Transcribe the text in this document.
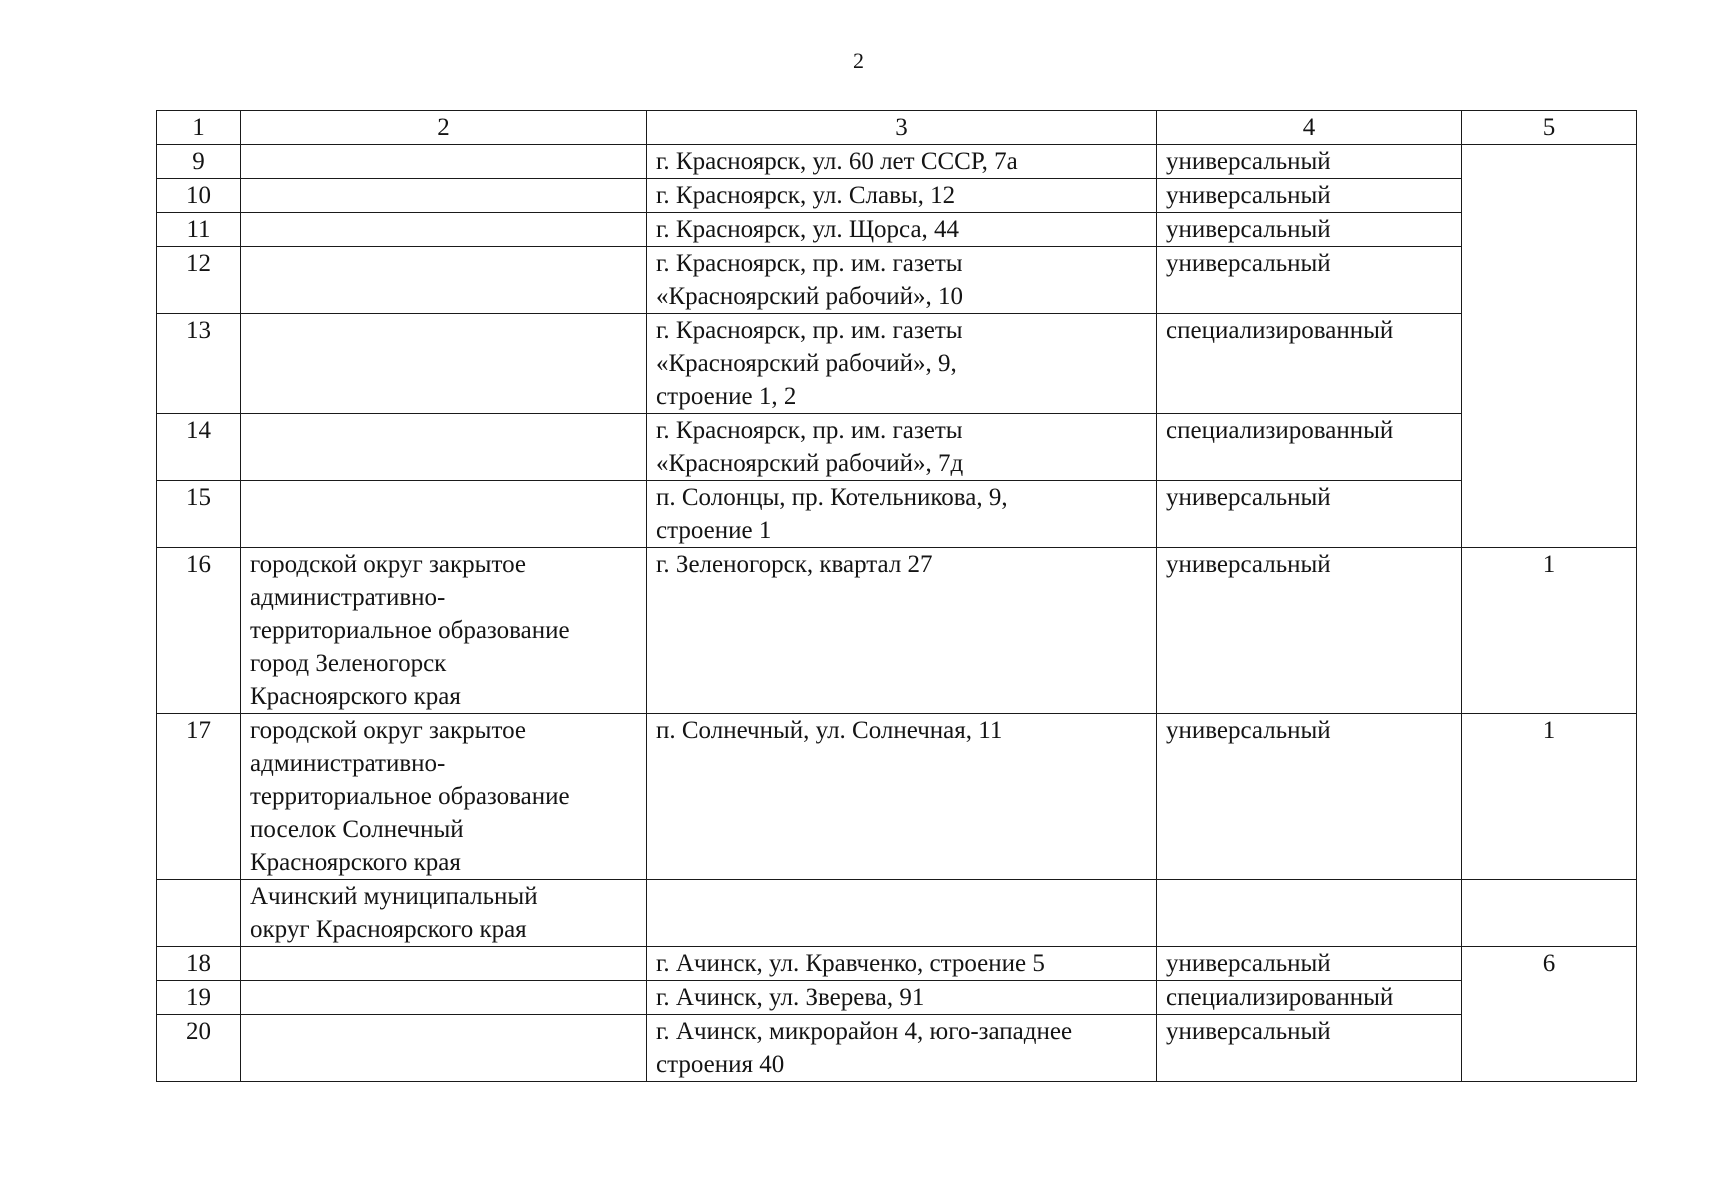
2
1	2	3	4	5
9		г. Красноярск, ул. 60 лет СССР, 7а	универсальный	
10		г. Красноярск, ул. Славы, 12	универсальный	
11		г. Красноярск, ул. Щорса, 44	универсальный	
12		г. Красноярск, пр. им. газеты
«Красноярский рабочий», 10	универсальный	
13		г. Красноярск, пр. им. газеты
«Красноярский рабочий», 9,
строение 1, 2	специализированный	
14		г. Красноярск, пр. им. газеты
«Красноярский рабочий», 7д	специализированный	
15		п. Солонцы, пр. Котельникова, 9,
строение 1	универсальный	
16	городской округ закрытое
административно-
территориальное образование
город Зеленогорск
Красноярского края	г. Зеленогорск, квартал 27	универсальный	1
17	городской округ закрытое
административно-
территориальное образование
поселок Солнечный
Красноярского края	п. Солнечный, ул. Солнечная, 11	универсальный	1
	Ачинский муниципальный
округ Красноярского края			
18		г. Ачинск, ул. Кравченко, строение 5	универсальный	6
19		г. Ачинск, ул. Зверева, 91	специализированный	
20		г. Ачинск, микрорайон 4, юго-западнее
строения 40	универсальный	
